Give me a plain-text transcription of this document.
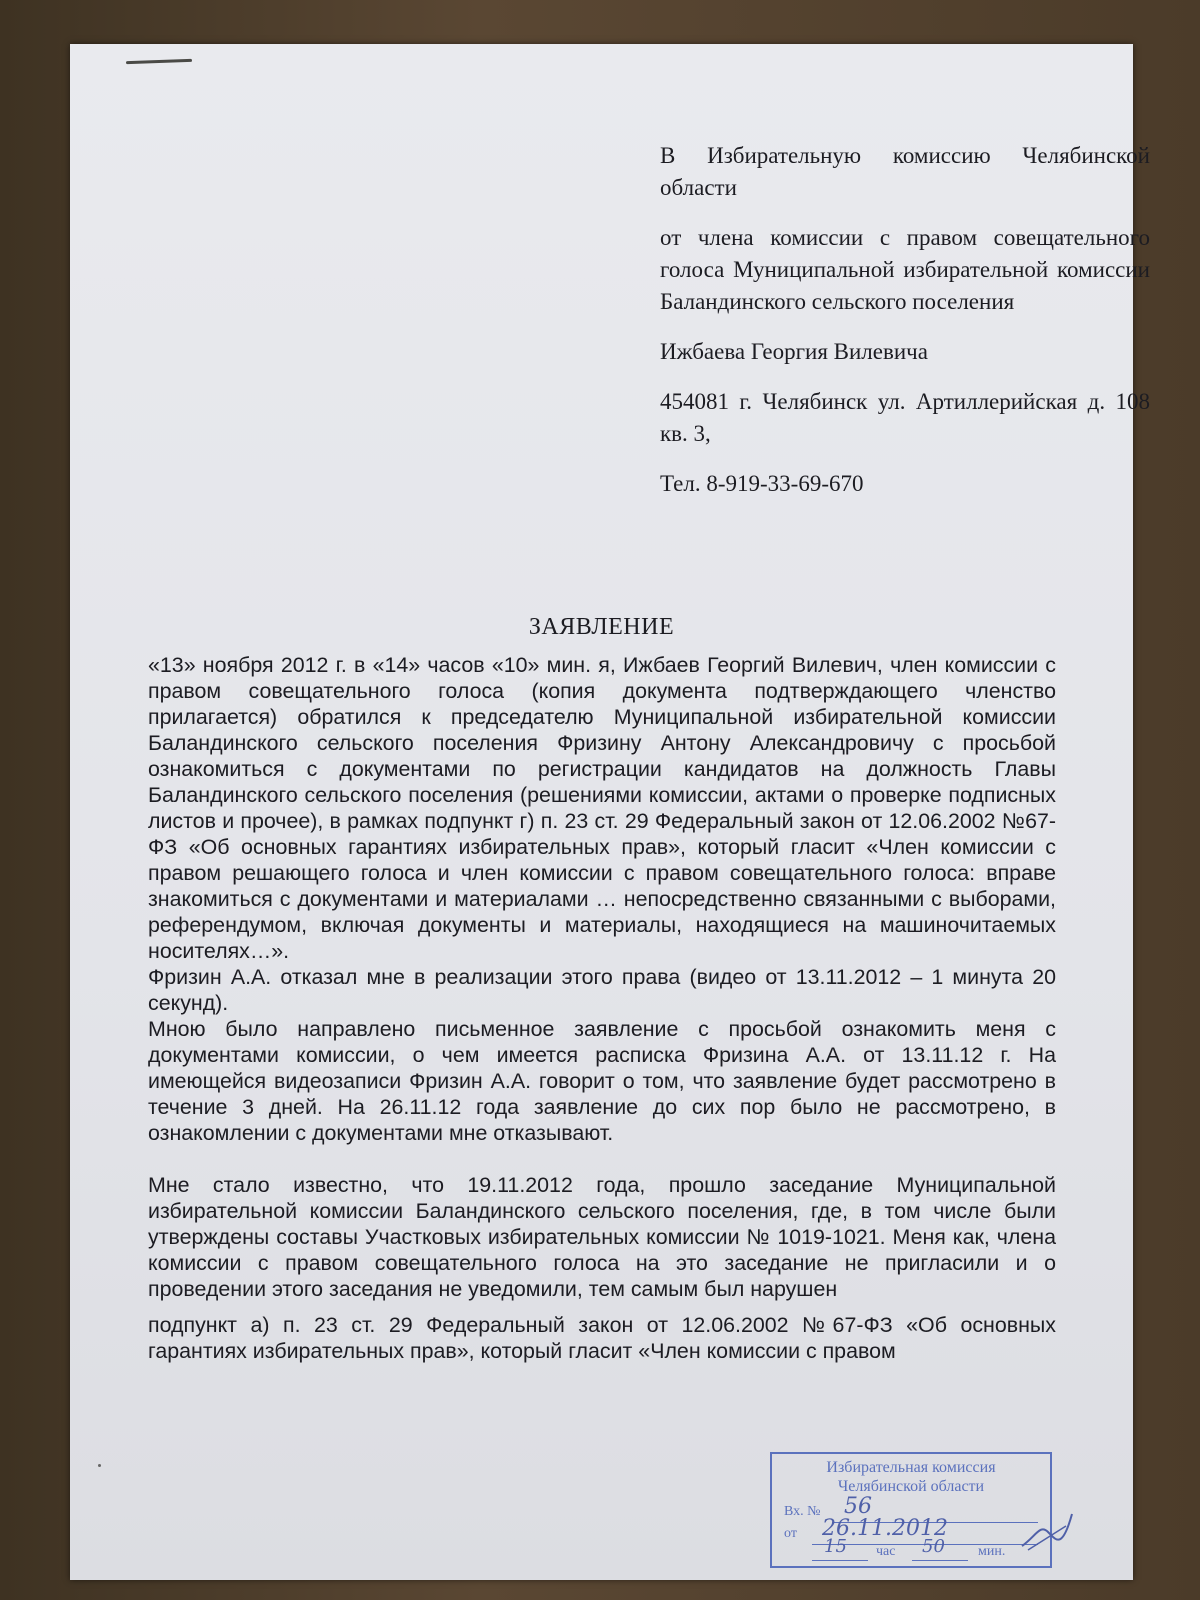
В Избирательную комиссию Челябинской области

от члена комиссии с правом совещательного голоса Муниципальной избирательной комиссии Баландинского сельского поселения

Ижбаева Георгия Вилевича

454081 г. Челябинск ул. Артиллерийская д. 108 кв. 3,

Тел. 8-919-33-69-670

ЗАЯВЛЕНИЕ

«13» ноября 2012 г. в «14» часов «10» мин. я, Ижбаев Георгий Вилевич, член комиссии с правом совещательного голоса (копия документа подтверждающего членство прилагается) обратился к председателю Муниципальной избирательной комиссии Баландинского сельского поселения Фризину Антону Александровичу с просьбой ознакомиться с документами по регистрации кандидатов на должность Главы Баландинского сельского поселения (решениями комиссии, актами о проверке подписных листов и прочее), в рамках подпункт г) п. 23 ст. 29 Федеральный закон от 12.06.2002 №67-ФЗ «Об основных гарантиях избирательных прав», который гласит «Член комиссии с правом решающего голоса и член комиссии с правом совещательного голоса: вправе знакомиться с документами и материалами … непосредственно связанными с выборами, референдумом, включая документы и материалы, находящиеся на машиночитаемых носителях…».

Фризин А.А. отказал мне в реализации этого права (видео от 13.11.2012 – 1 минута 20 секунд).

Мною было направлено письменное заявление с просьбой ознакомить меня с документами комиссии, о чем имеется расписка Фризина А.А. от 13.11.12 г. На имеющейся видеозаписи Фризин А.А. говорит о том, что заявление будет рассмотрено в течение 3 дней. На 26.11.12 года заявление до сих пор было не рассмотрено, в ознакомлении с документами мне отказывают.

Мне стало известно, что 19.11.2012 года, прошло заседание Муниципальной избирательной комиссии Баландинского сельского поселения, где, в том числе были утверждены составы Участковых избирательных комиссии № 1019-1021. Меня как, члена комиссии с правом совещательного голоса на это заседание не пригласили и о проведении этого заседания не уведомили, тем самым был нарушен

подпункт а) п. 23 ст. 29 Федеральный закон от 12.06.2002 №67-ФЗ «Об основных гарантиях избирательных прав», который гласит «Член комиссии с правом

Избирательная комиссия
Челябинской области
Вх. № 56
от 26.11.2012
15 час 50 мин.
